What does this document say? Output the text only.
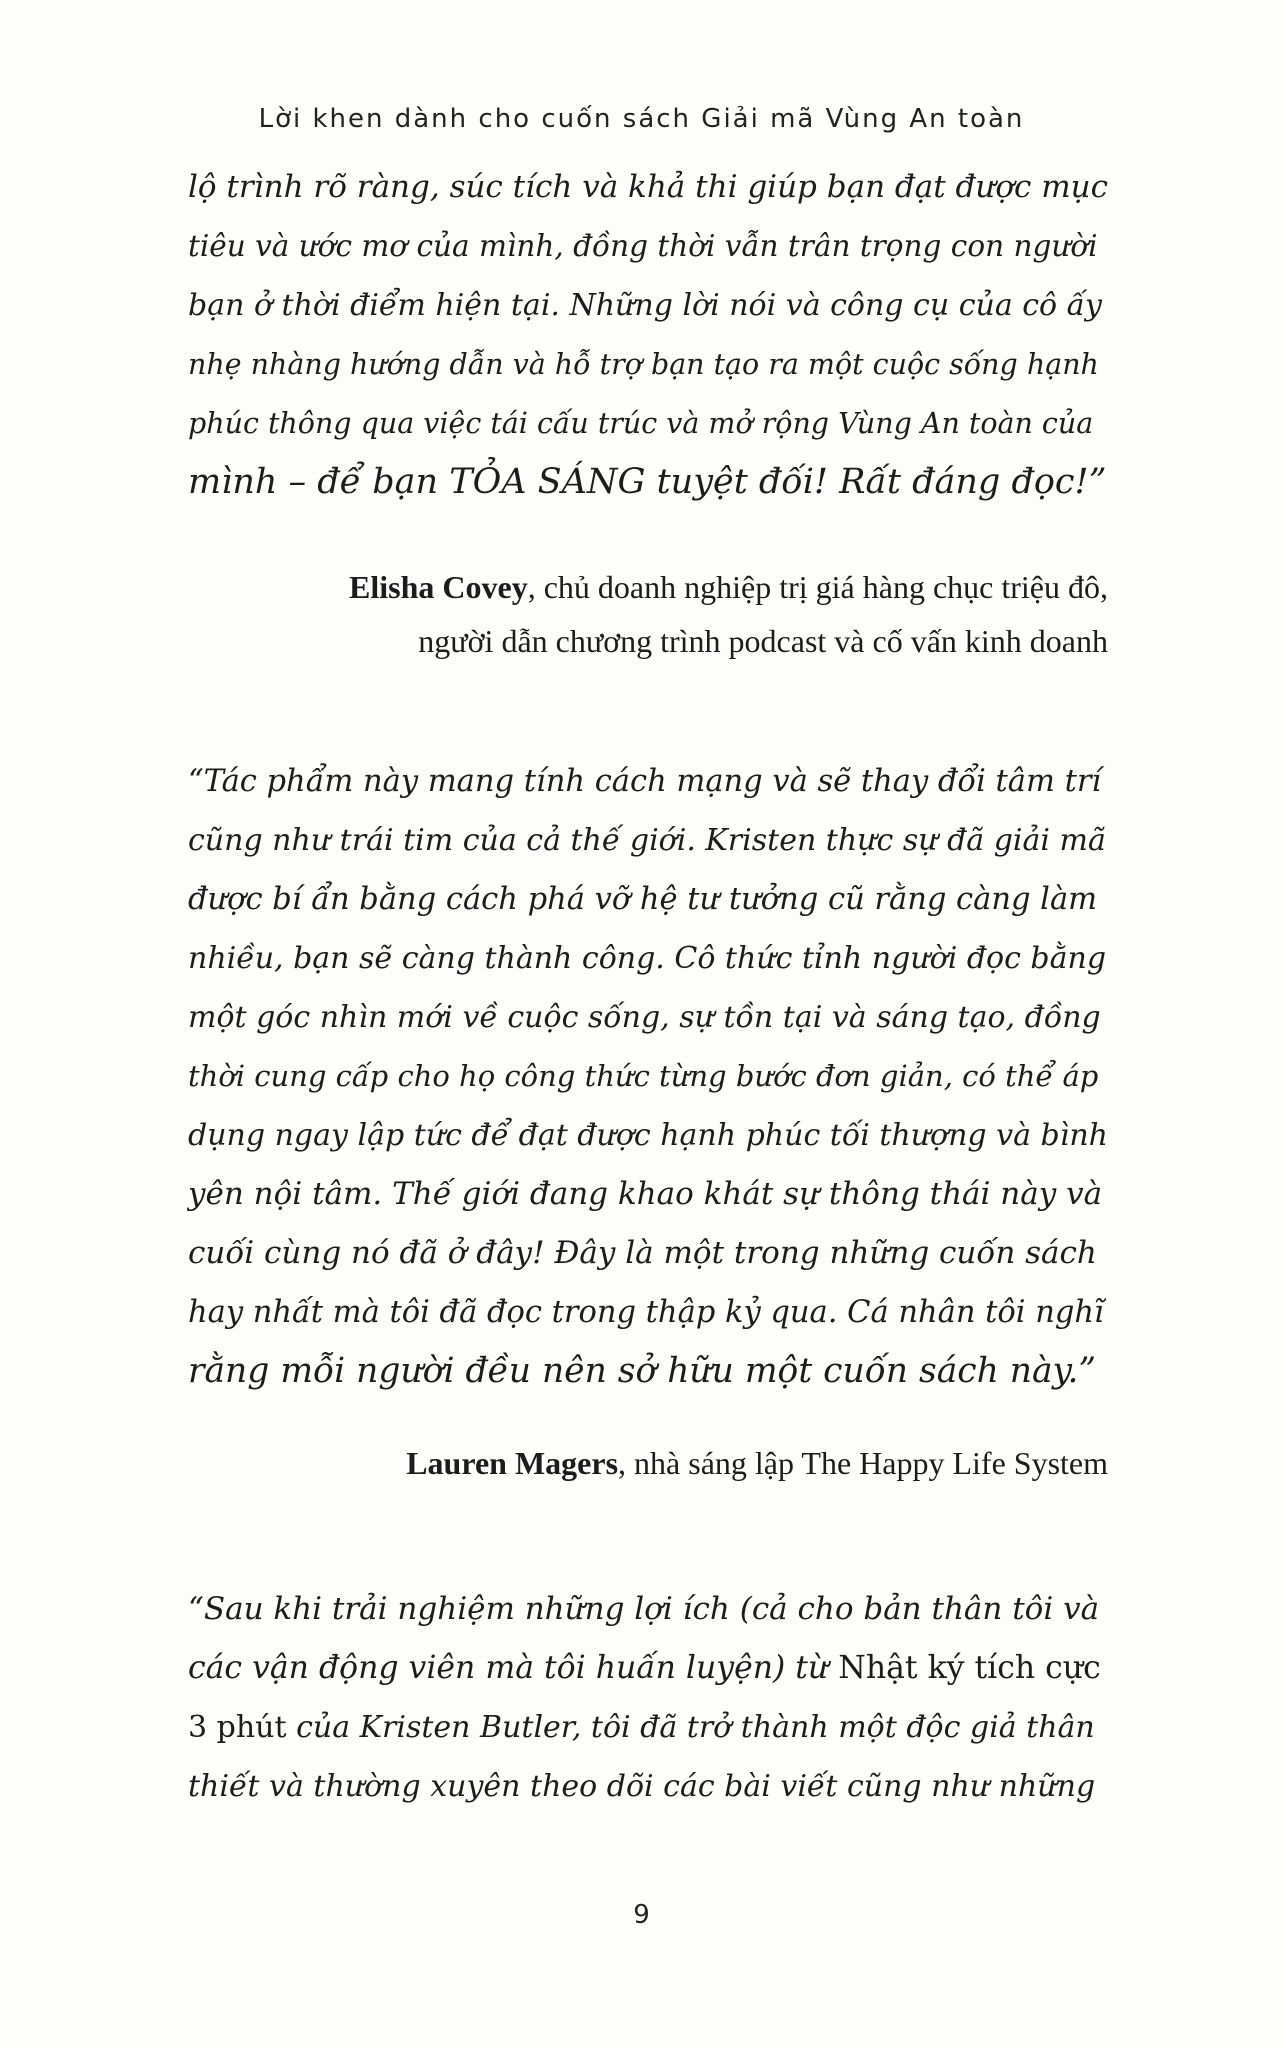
Lời khen dành cho cuốn sách Giải mã Vùng An toàn
lộ trình rõ ràng, súc tích và khả thi giúp bạn đạt được mục
tiêu và ước mơ của mình, đồng thời vẫn trân trọng con người
bạn ở thời điểm hiện tại. Những lời nói và công cụ của cô ấy
nhẹ nhàng hướng dẫn và hỗ trợ bạn tạo ra một cuộc sống hạnh
phúc thông qua việc tái cấu trúc và mở rộng Vùng An toàn của
mình – để bạn TỎA SÁNG tuyệt đối! Rất đáng đọc!”
Elisha Covey, chủ doanh nghiệp trị giá hàng chục triệu đô,
người dẫn chương trình podcast và cố vấn kinh doanh
“Tác phẩm này mang tính cách mạng và sẽ thay đổi tâm trí
cũng như trái tim của cả thế giới. Kristen thực sự đã giải mã
được bí ẩn bằng cách phá vỡ hệ tư tưởng cũ rằng càng làm
nhiều, bạn sẽ càng thành công. Cô thức tỉnh người đọc bằng
một góc nhìn mới về cuộc sống, sự tồn tại và sáng tạo, đồng
thời cung cấp cho họ công thức từng bước đơn giản, có thể áp
dụng ngay lập tức để đạt được hạnh phúc tối thượng và bình
yên nội tâm. Thế giới đang khao khát sự thông thái này và
cuối cùng nó đã ở đây! Đây là một trong những cuốn sách
hay nhất mà tôi đã đọc trong thập kỷ qua. Cá nhân tôi nghĩ
rằng mỗi người đều nên sở hữu một cuốn sách này.”
Lauren Magers, nhà sáng lập The Happy Life System
“Sau khi trải nghiệm những lợi ích (cả cho bản thân tôi và
các vận động viên mà tôi huấn luyện) từ Nhật ký tích cực
3 phút của Kristen Butler, tôi đã trở thành một độc giả thân
thiết và thường xuyên theo dõi các bài viết cũng như những
9
